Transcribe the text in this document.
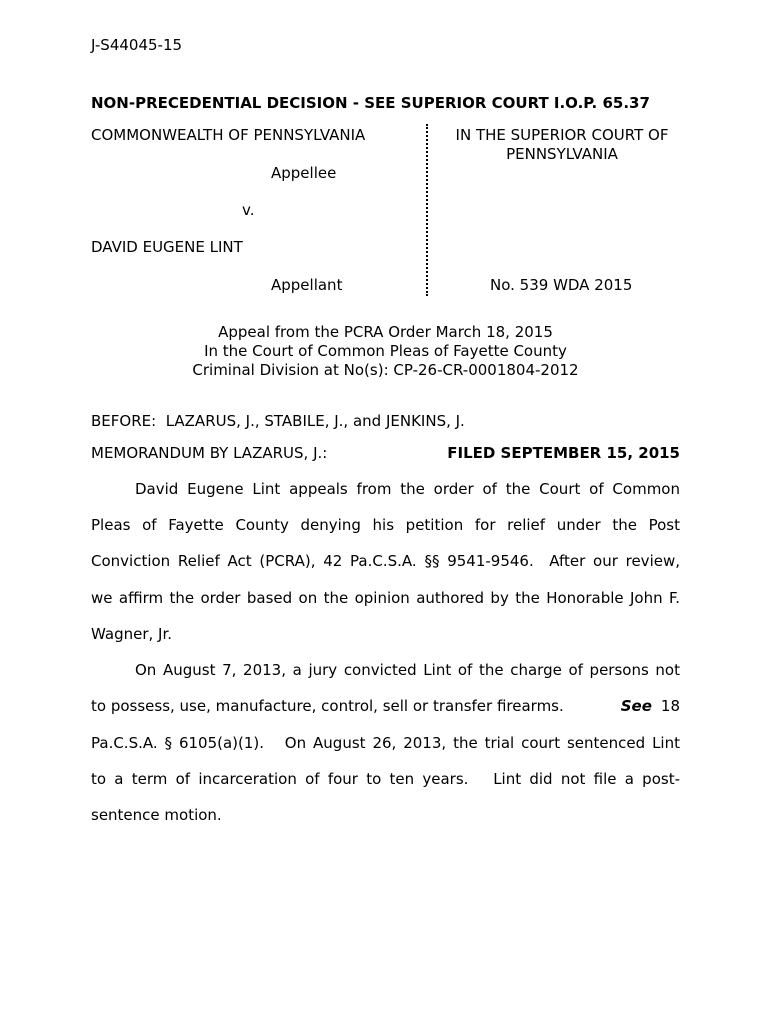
J-S44045-15
NON-PRECEDENTIAL DECISION - SEE SUPERIOR COURT I.O.P. 65.37
COMMONWEALTH OF PENNSYLVANIA
Appellee
v.
DAVID EUGENE LINT
Appellant
IN THE SUPERIOR COURT OF
PENNSYLVANIA
No. 539 WDA 2015
Appeal from the PCRA Order March 18, 2015
In the Court of Common Pleas of Fayette County
Criminal Division at No(s): CP-26-CR-0001804-2012
BEFORE:  LAZARUS, J., STABILE, J., and JENKINS, J.
MEMORANDUM BY LAZARUS, J.:	FILED SEPTEMBER 15, 2015
David Eugene Lint appeals from the order of the Court of Common
Pleas of Fayette County denying his petition for relief under the Post
Conviction Relief Act (PCRA), 42 Pa.C.S.A. §§ 9541-9546.  After our review,
we affirm the order based on the opinion authored by the Honorable John F.
Wagner, Jr.
On August 7, 2013, a jury convicted Lint of the charge of persons not
to possess, use, manufacture, control, sell or transfer firearms.	See 18
Pa.C.S.A. § 6105(a)(1).   On August 26, 2013, the trial court sentenced Lint
to a term of incarceration of four to ten years.   Lint did not file a post-
sentence motion.
